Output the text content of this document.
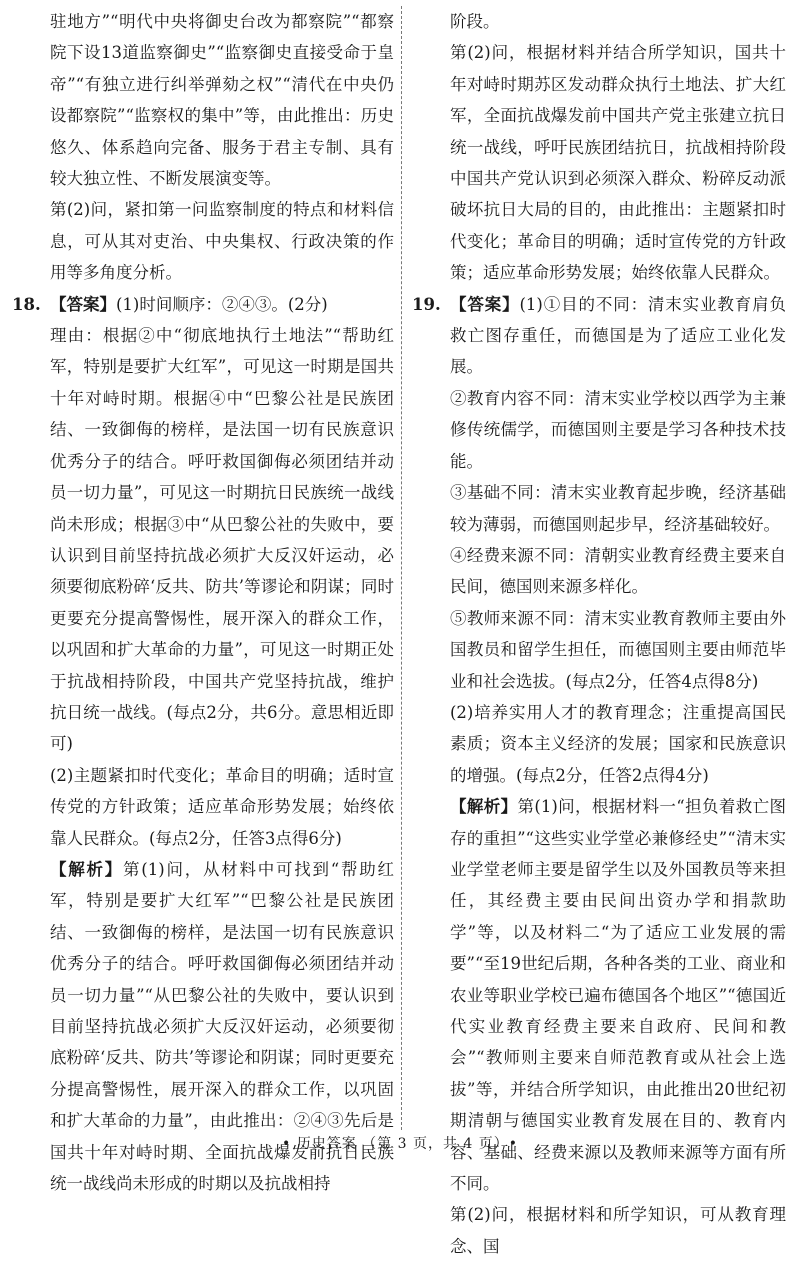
驻地方”“明代中央将御史台改为都察院”“都察院下设13道监察御史”“监察御史直接受命于皇帝”“有独立进行纠举弹劾之权”“清代在中央仍设都察院”“监察权的集中”等，由此推出：历史悠久、体系趋向完备、服务于君主专制、具有较大独立性、不断发展演变等。

第(2)问，紧扣第一问监察制度的特点和材料信息，可从其对吏治、中央集权、行政决策的作用等多角度分析。

18. 【答案】(1)时间顺序：②④③。(2分)

理由：根据②中“彻底地执行土地法”“帮助红军，特别是要扩大红军”，可见这一时期是国共十年对峙时期。根据④中“巴黎公社是民族团结、一致御侮的榜样，是法国一切有民族意识优秀分子的结合。呼吁救国御侮必须团结并动员一切力量”，可见这一时期抗日民族统一战线尚未形成；根据③中“从巴黎公社的失败中，要认识到目前坚持抗战必须扩大反汉奸运动，必须要彻底粉碎‘反共、防共’等谬论和阴谋；同时更要充分提高警惕性，展开深入的群众工作，以巩固和扩大革命的力量”，可见这一时期正处于抗战相持阶段，中国共产党坚持抗战，维护抗日统一战线。(每点2分，共6分。意思相近即可)

(2)主题紧扣时代变化；革命目的明确；适时宣传党的方针政策；适应革命形势发展；始终依靠人民群众。(每点2分，任答3点得6分)

【解析】第(1)问，从材料中可找到“帮助红军，特别是要扩大红军”“巴黎公社是民族团结、一致御侮的榜样，是法国一切有民族意识优秀分子的结合。呼吁救国御侮必须团结并动员一切力量”“从巴黎公社的失败中，要认识到目前坚持抗战必须扩大反汉奸运动，必须要彻底粉碎‘反共、防共’等谬论和阴谋；同时更要充分提高警惕性，展开深入的群众工作，以巩固和扩大革命的力量”，由此推出：②④③先后是国共十年对峙时期、全面抗战爆发前抗日民族统一战线尚未形成的时期以及抗战相持

阶段。

第(2)问，根据材料并结合所学知识，国共十年对峙时期苏区发动群众执行土地法、扩大红军，全面抗战爆发前中国共产党主张建立抗日统一战线，呼吁民族团结抗日，抗战相持阶段中国共产党认识到必须深入群众、粉碎反动派破坏抗日大局的目的，由此推出：主题紧扣时代变化；革命目的明确；适时宣传党的方针政策；适应革命形势发展；始终依靠人民群众。

19. 【答案】(1)①目的不同：清末实业教育肩负救亡图存重任，而德国是为了适应工业化发展。

②教育内容不同：清末实业学校以西学为主兼修传统儒学，而德国则主要是学习各种技术技能。

③基础不同：清末实业教育起步晚，经济基础较为薄弱，而德国则起步早，经济基础较好。

④经费来源不同：清朝实业教育经费主要来自民间，德国则来源多样化。

⑤教师来源不同：清末实业教育教师主要由外国教员和留学生担任，而德国则主要由师范毕业和社会选拔。(每点2分，任答4点得8分)

(2)培养实用人才的教育理念；注重提高国民素质；资本主义经济的发展；国家和民族意识的增强。(每点2分，任答2点得4分)

【解析】第(1)问，根据材料一“担负着救亡图存的重担”“这些实业学堂必兼修经史”“清末实业学堂老师主要是留学生以及外国教员等来担任，其经费主要由民间出资办学和捐款助学”等，以及材料二“为了适应工业发展的需要”“至19世纪后期，各种各类的工业、商业和农业等职业学校已遍布德国各个地区”“德国近代实业教育经费主要来自政府、民间和教会”“教师则主要来自师范教育或从社会上选拔”等，并结合所学知识，由此推出20世纪初期清朝与德国实业教育发展在目的、教育内容、基础、经费来源以及教师来源等方面有所不同。

第(2)问，根据材料和所学知识，可从教育理念、国

• 历史答案 （第 3 页，共 4 页）•
